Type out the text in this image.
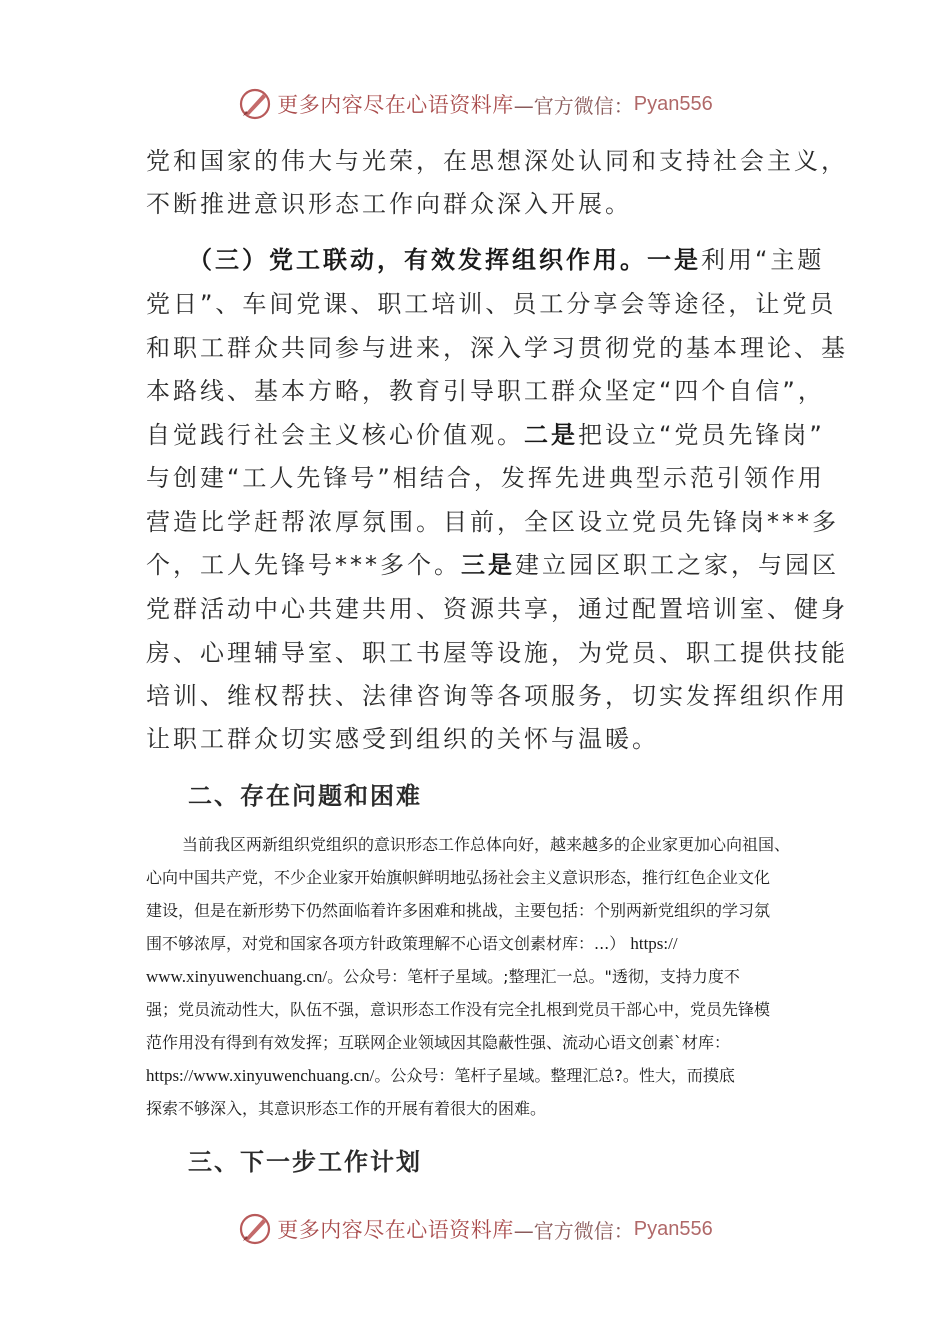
更多内容尽在心语资料库 —官方微信： Pyan556
党和国家的伟大与光荣，在思想深处认同和支持社会主义，
不断推进意识形态工作向群众深入开展。
（三）党工联动，有效发挥组织作用。一是利用“主题
党日”、车间党课、职工培训、员工分享会等途径，让党员
和职工群众共同参与进来，深入学习贯彻党的基本理论、基
本路线、基本方略，教育引导职工群众坚定“四个自信”，
自觉践行社会主义核心价值观。二是把设立“党员先锋岗”
与创建“工人先锋号”相结合，发挥先进典型示范引领作用
营造比学赶帮浓厚氛围。目前，全区设立党员先锋岗***多
个，工人先锋号***多个。三是建立园区职工之家，与园区
党群活动中心共建共用、资源共享，通过配置培训室、健身
房、心理辅导室、职工书屋等设施，为党员、职工提供技能
培训、维权帮扶、法律咨询等各项服务，切实发挥组织作用
让职工群众切实感受到组织的关怀与温暖。
二、存在问题和困难
当前我区两新组织党组织的意识形态工作总体向好，越来越多的企业家更加心向祖国、
心向中国共产党，不少企业家开始旗帜鲜明地弘扬社会主义意识形态，推行红色企业文化
建设，但是在新形势下仍然面临着许多困难和挑战，主要包括：个别两新党组织的学习氛
围不够浓厚，对党和国家各项方针政策理解不心语文创素材库：...） https://
www.xinyuwenchuang.cn/。公众号：笔杆子星域。;整理汇一总。"透彻，支持力度不
强；党员流动性大，队伍不强，意识形态工作没有完全扎根到党员干部心中，党员先锋模
范作用没有得到有效发挥；互联网企业领域因其隐蔽性强、流动心语文创素`材库：
https://www.xinyuwenchuang.cn/。公众号：笔杆子星域。整理汇总?。性大，而摸底
探索不够深入，其意识形态工作的开展有着很大的困难。
三、下一步工作计划
更多内容尽在心语资料库 —官方微信： Pyan556
